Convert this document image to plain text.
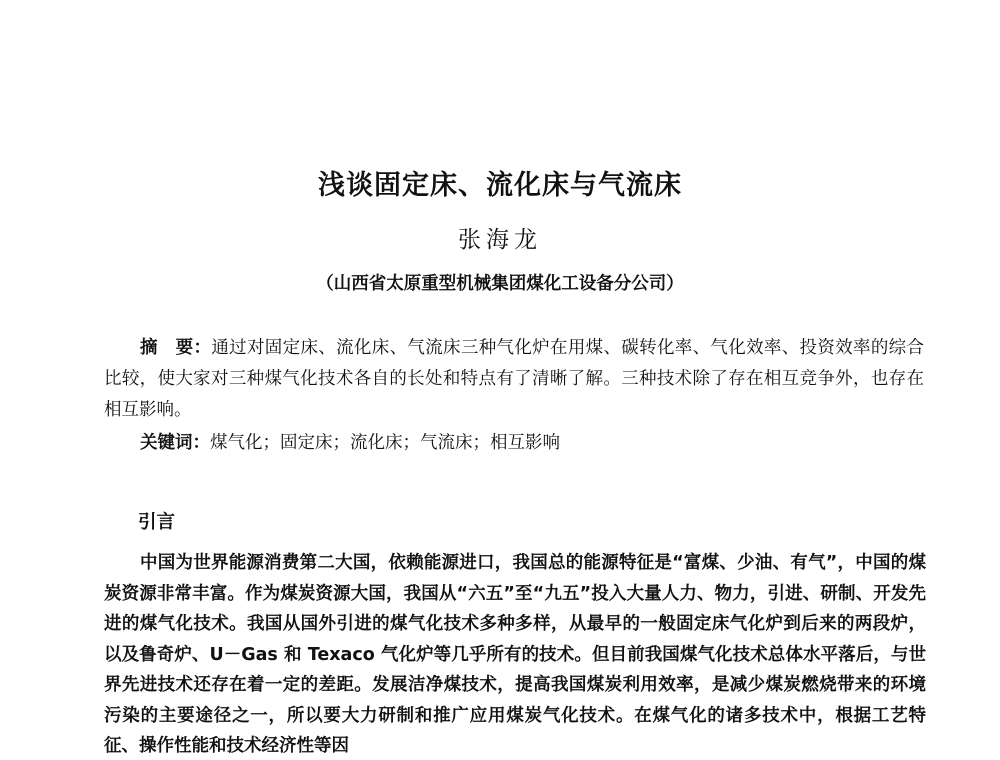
浅谈固定床、流化床与气流床
张海龙
（山西省太原重型机械集团煤化工设备分公司）
摘　要：通过对固定床、流化床、气流床三种气化炉在用煤、碳转化率、气化效率、投资效率的综合比较，使大家对三种煤气化技术各自的长处和特点有了清晰了解。三种技术除了存在相互竞争外，也存在相互影响。
关键词：煤气化；固定床；流化床；气流床；相互影响
引言
中国为世界能源消费第二大国，依赖能源进口，我国总的能源特征是“富煤、少油、有气”，中国的煤炭资源非常丰富。作为煤炭资源大国，我国从“六五”至“九五”投入大量人力、物力，引进、研制、开发先进的煤气化技术。我国从国外引进的煤气化技术多种多样，从最早的一般固定床气化炉到后来的两段炉，以及鲁奇炉、U－Gas 和 Texaco 气化炉等几乎所有的技术。但目前我国煤气化技术总体水平落后，与世界先进技术还存在着一定的差距。发展洁净煤技术，提高我国煤炭利用效率，是减少煤炭燃烧带来的环境污染的主要途径之一，所以要大力研制和推广应用煤炭气化技术。在煤气化的诸多技术中，根据工艺特征、操作性能和技术经济性等因
